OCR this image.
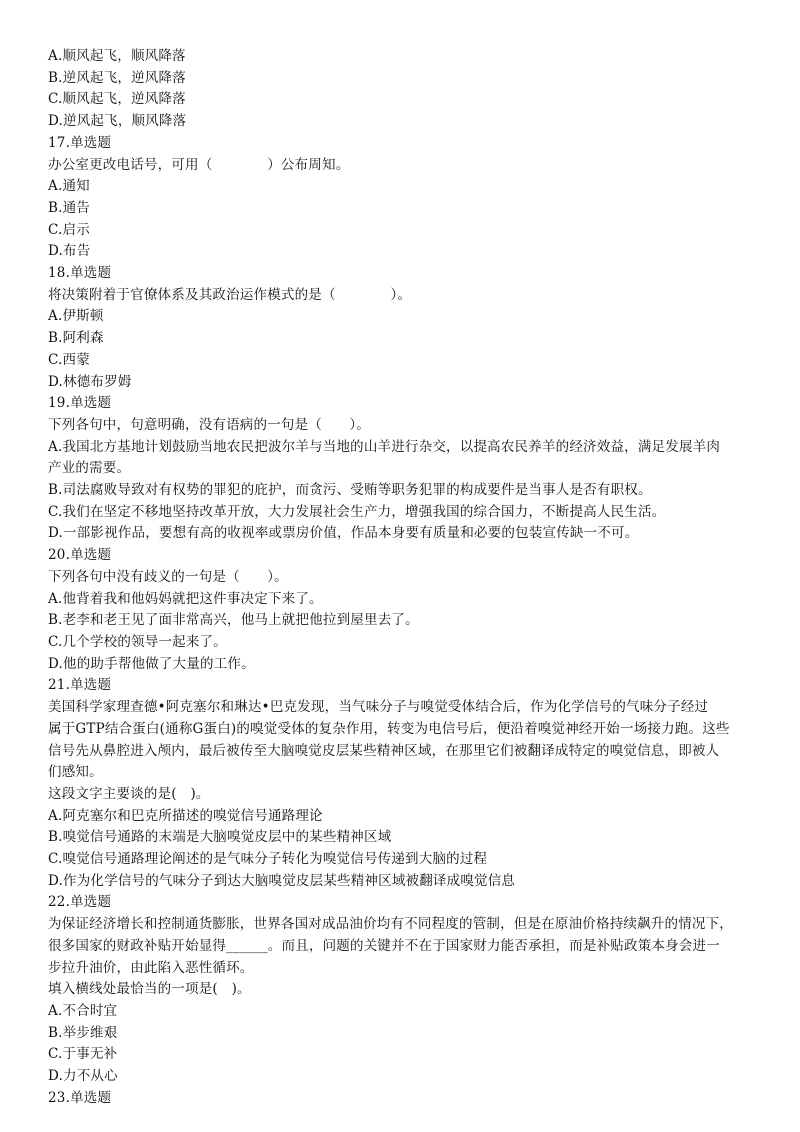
A.顺风起飞，顺风降落
B.逆风起飞，逆风降落
C.顺风起飞，逆风降落
D.逆风起飞，顺风降落
17.单选题
办公室更改电话号，可用（　　　　）公布周知。
A.通知
B.通告
C.启示
D.布告
18.单选题
将决策附着于官僚体系及其政治运作模式的是（　　　　）。
A.伊斯顿
B.阿利森
C.西蒙
D.林德布罗姆
19.单选题
下列各句中，句意明确，没有语病的一句是（　　）。
A.我国北方基地计划鼓励当地农民把波尔羊与当地的山羊进行杂交，以提高农民养羊的经济效益，满足发展羊肉
产业的需要。
B.司法腐败导致对有权势的罪犯的庇护，而贪污、受贿等职务犯罪的构成要件是当事人是否有职权。
C.我们在坚定不移地坚持改革开放，大力发展社会生产力，增强我国的综合国力，不断提高人民生活。
D.一部影视作品，要想有高的收视率或票房价值，作品本身要有质量和必要的包装宣传缺一不可。
20.单选题
下列各句中没有歧义的一句是（　　）。
A.他背着我和他妈妈就把这件事决定下来了。
B.老李和老王见了面非常高兴，他马上就把他拉到屋里去了。
C.几个学校的领导一起来了。
D.他的助手帮他做了大量的工作。
21.单选题
美国科学家理查德•阿克塞尔和琳达•巴克发现，当气味分子与嗅觉受体结合后，作为化学信号的气味分子经过
属于GTP结合蛋白(通称G蛋白)的嗅觉受体的复杂作用，转变为电信号后，便沿着嗅觉神经开始一场接力跑。这些
信号先从鼻腔进入颅内，最后被传至大脑嗅觉皮层某些精神区域，在那里它们被翻译成特定的嗅觉信息，即被人
们感知。
这段文字主要谈的是(　)。
A.阿克塞尔和巴克所描述的嗅觉信号通路理论
B.嗅觉信号通路的末端是大脑嗅觉皮层中的某些精神区域
C.嗅觉信号通路理论阐述的是气味分子转化为嗅觉信号传递到大脑的过程
D.作为化学信号的气味分子到达大脑嗅觉皮层某些精神区域被翻译成嗅觉信息
22.单选题
为保证经济增长和控制通货膨胀，世界各国对成品油价均有不同程度的管制，但是在原油价格持续飙升的情况下，
很多国家的财政补贴开始显得______。而且，问题的关键并不在于国家财力能否承担，而是补贴政策本身会进一
步拉升油价，由此陷入恶性循环。
填入横线处最恰当的一项是(　)。
A.不合时宜
B.举步维艰
C.于事无补
D.力不从心
23.单选题
